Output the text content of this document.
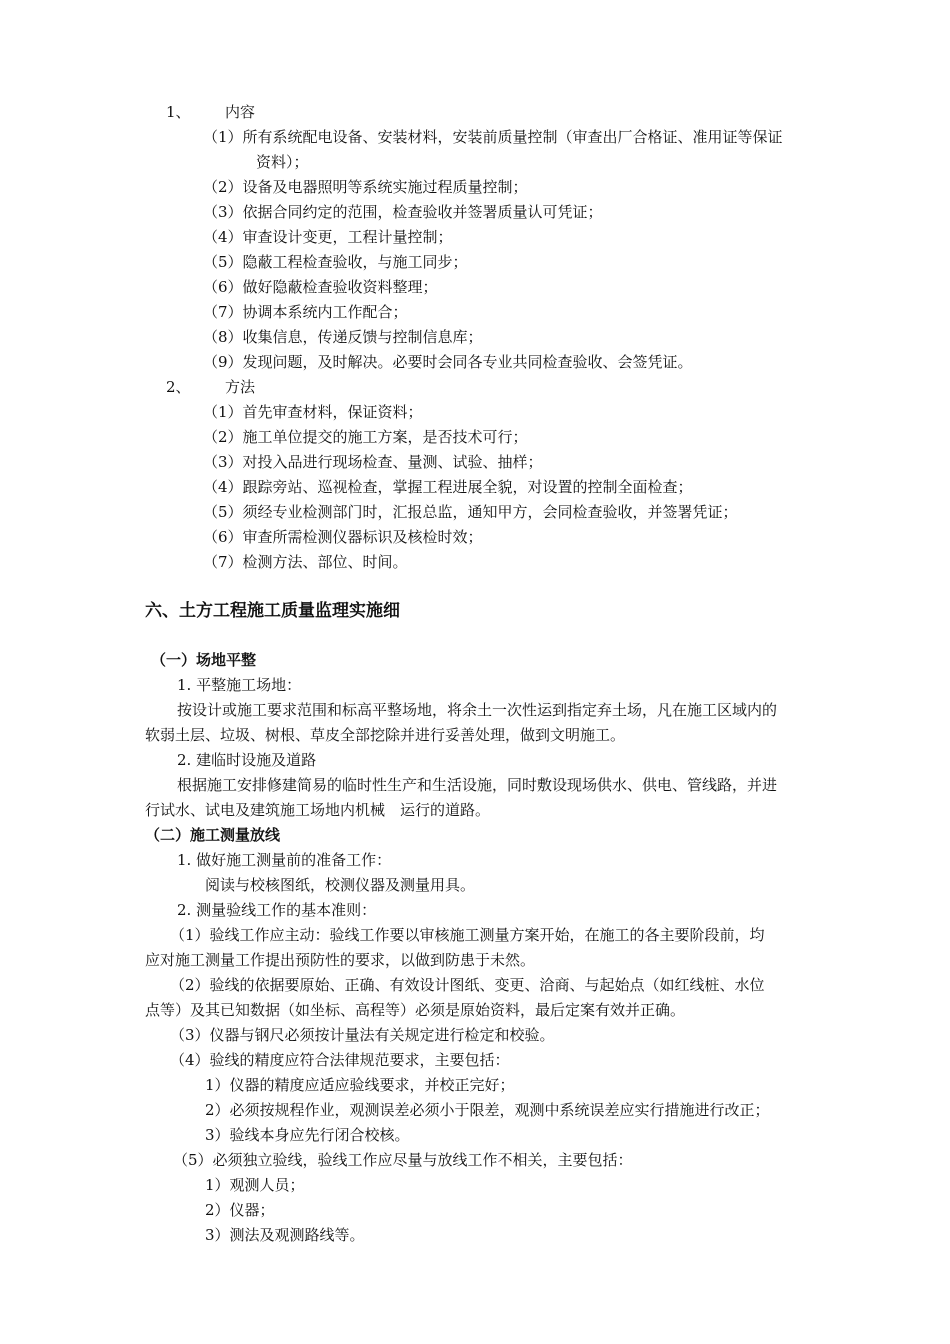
1、 内容
（1）所有系统配电设备、安装材料，安装前质量控制（审查出厂合格证、准用证等保证
资料）；
（2）设备及电器照明等系统实施过程质量控制；
（3）依据合同约定的范围，检查验收并签署质量认可凭证；
（4）审查设计变更，工程计量控制；
（5）隐蔽工程检查验收，与施工同步；
（6）做好隐蔽检查验收资料整理；
（7）协调本系统内工作配合；
（8）收集信息，传递反馈与控制信息库；
（9）发现问题，及时解决。必要时会同各专业共同检查验收、会签凭证。
2、 方法
（1）首先审查材料，保证资料；
（2）施工单位提交的施工方案，是否技术可行；
（3）对投入品进行现场检查、量测、试验、抽样；
（4）跟踪旁站、巡视检查，掌握工程进展全貌，对设置的控制全面检查；
（5）须经专业检测部门时，汇报总监，通知甲方，会同检查验收，并签署凭证；
（6）审查所需检测仪器标识及核检时效；
（7）检测方法、部位、时间。
六、土方工程施工质量监理实施细
（一）场地平整
1. 平整施工场地：
按设计或施工要求范围和标高平整场地，将余土一次性运到指定弃土场，凡在施工区域内的
软弱土层、垃圾、树根、草皮全部挖除并进行妥善处理，做到文明施工。
2. 建临时设施及道路
根据施工安排修建简易的临时性生产和生活设施，同时敷设现场供水、供电、管线路，并进
行试水、试电及建筑施工场地内机械　运行的道路。
（二）施工测量放线
1. 做好施工测量前的准备工作：
阅读与校核图纸，校测仪器及测量用具。
2. 测量验线工作的基本准则：
（1）验线工作应主动：验线工作要以审核施工测量方案开始，在施工的各主要阶段前，均
应对施工测量工作提出预防性的要求，以做到防患于未然。
（2）验线的依据要原始、正确、有效设计图纸、变更、洽商、与起始点（如红线桩、水位
点等）及其已知数据（如坐标、高程等）必须是原始资料，最后定案有效并正确。
（3）仪器与钢尺必须按计量法有关规定进行检定和校验。
（4）验线的精度应符合法律规范要求，主要包括：
1）仪器的精度应适应验线要求，并校正完好；
2）必须按规程作业，观测误差必须小于限差，观测中系统误差应实行措施进行改正；
3）验线本身应先行闭合校核。
（5）必须独立验线，验线工作应尽量与放线工作不相关，主要包括：
1）观测人员；
2）仪器；
3）测法及观测路线等。
